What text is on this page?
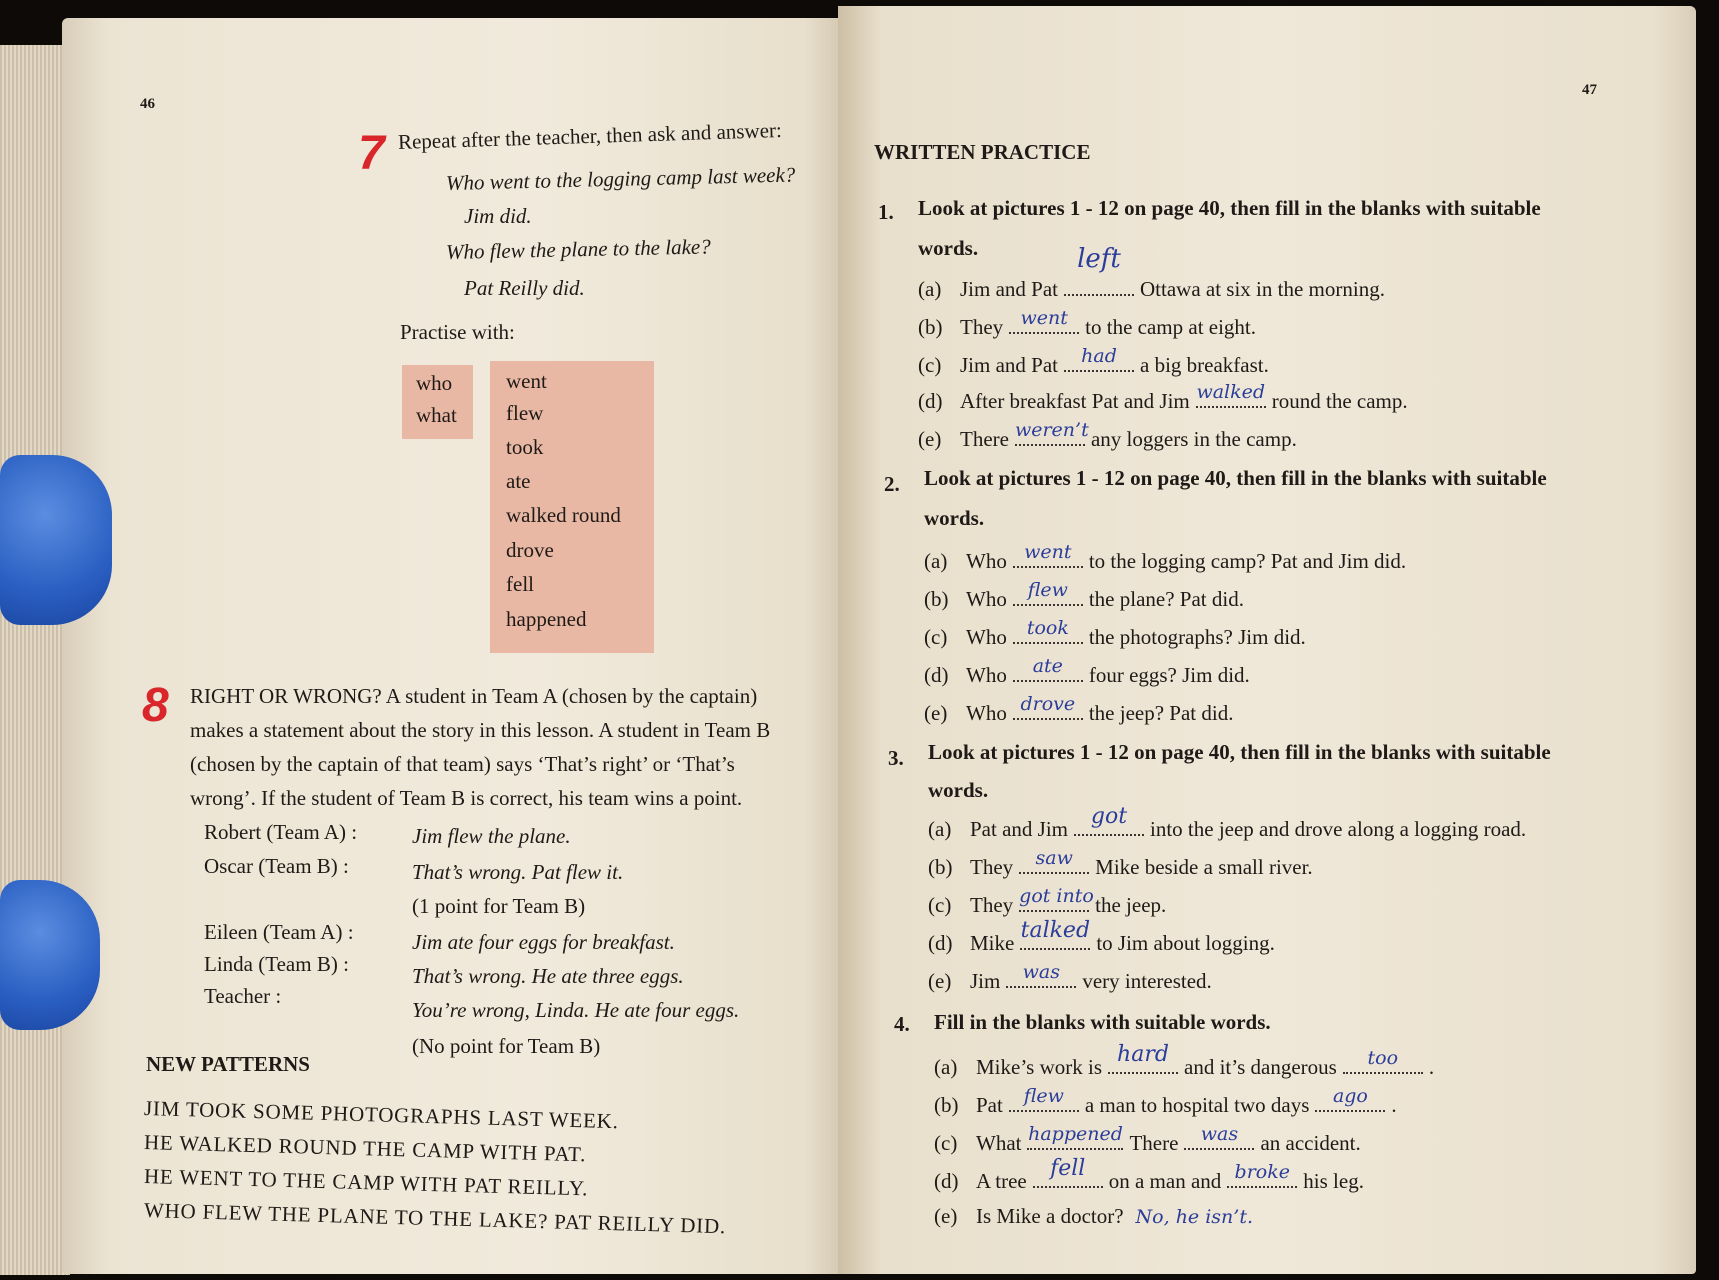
46
7 Repeat after the teacher, then ask and answer:
Who went to the logging camp last week?
Jim did.
Who flew the plane to the lake?
Pat Reilly did.
Practise with:
who
what
went
flew
took
ate
walked round
drove
fell
happened
8 RIGHT OR WRONG? A student in Team A (chosen by the captain)
makes a statement about the story in this lesson. A student in Team B
(chosen by the captain of that team) says ‘That’s right’ or ‘That’s
wrong’. If the student of Team B is correct, his team wins a point.
Robert (Team A) :	Jim flew the plane.
Oscar (Team B) :	That’s wrong. Pat flew it.
(1 point for Team B)
Eileen (Team A) :	Jim ate four eggs for breakfast.
Linda (Team B) :	That’s wrong. He ate three eggs.
Teacher :
You’re wrong, Linda. He ate four eggs.
(No point for Team B)
NEW PATTERNS
JIM TOOK SOME PHOTOGRAPHS LAST WEEK.
HE WALKED ROUND THE CAMP WITH PAT.
HE WENT TO THE CAMP WITH PAT REILLY.
WHO FLEW THE PLANE TO THE LAKE? PAT REILLY DID.
47
WRITTEN PRACTICE
1. Look at pictures 1 - 12 on page 40, then fill in the blanks with suitable
words.
(a) Jim and Pat
left
Ottawa at six in the morning.
(b) They went to the camp at eight.
(c) Jim and Pat	had	a big breakfast.
(d) After breakfast Pat and Jim walked round the camp.
(e) There weren’t any loggers in the camp.
2. Look at pictures 1 - 12 on page 40, then fill in the blanks with suitable
words.
(a) Who went to the logging camp? Pat and Jim did.
(b) Who	flew the plane? Pat did.
(c) Who	took the photographs? Jim did.
(d) Who	ate	four eggs? Jim did.
(e) Who drove the jeep? Pat did.
3. Look at pictures 1 - 12 on page 40, then fill in the blanks with suitable
words.
(a) Pat and Jim	got	into the jeep and drove along a logging road.
(b) They	saw	Mike beside a small river.
(c) They got into the jeep.
(d) Mike talked to Jim about logging.
(e) Jim	was	very interested.
4. Fill in the blanks with suitable words.
(a) Mike’s work is hard and it’s dangerous	too	.
(b) Pat	flew a man to hospital two days	ago	.
(c) What happened There	was	an accident.
(d) A tree	fell	on a man and broke his leg.
(e) Is Mike a doctor? No, he isn’t.
